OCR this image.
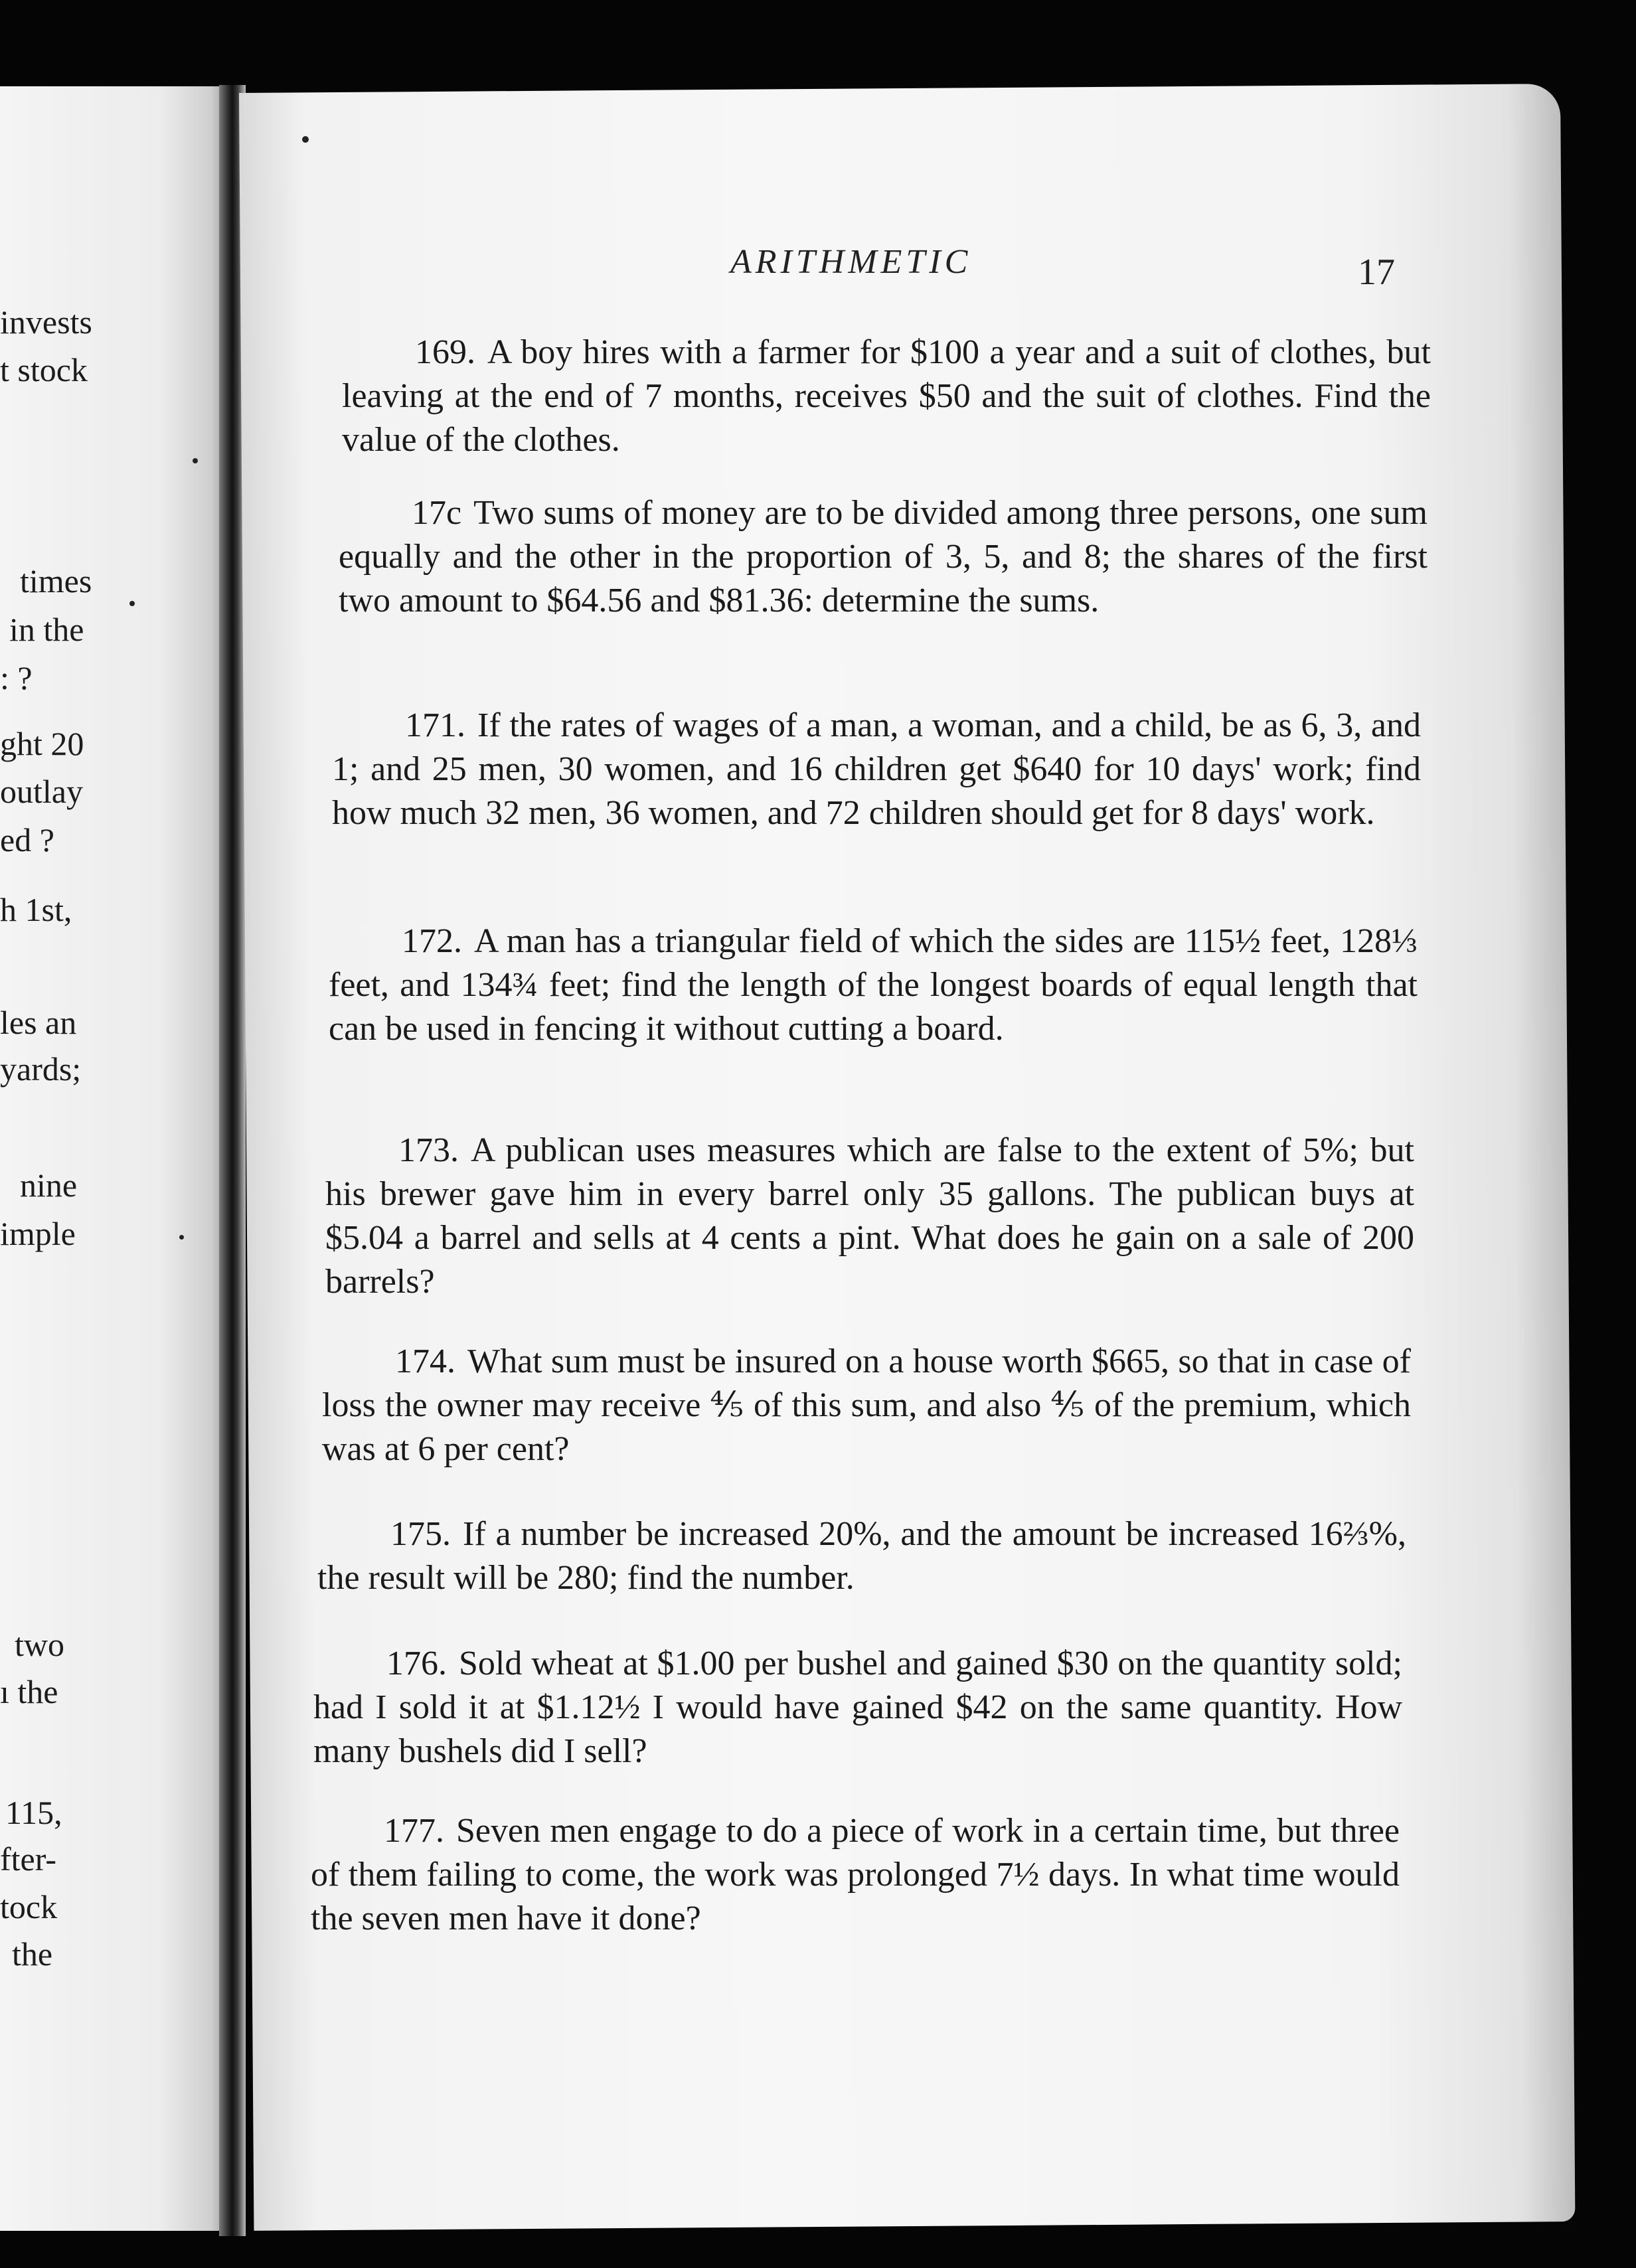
invests
t stock
times
in the
: ?
ght 20
outlay
ed ?
h 1st,
les an
yards;
nine
imple
two
ı the
115,
fter-
tock
the
ARITHMETIC	17

169. A boy hires with a farmer for $100 a year and a suit of clothes, but leaving at the end of 7 months, receives $50 and the suit of clothes. Find the value of the clothes.

17c Two sums of money are to be divided among three persons, one sum equally and the other in the proportion of 3, 5, and 8; the shares of the first two amount to $64.56 and $81.36: determine the sums.

171. If the rates of wages of a man, a woman, and a child, be as 6, 3, and 1; and 25 men, 30 women, and 16 children get $640 for 10 days' work; find how much 32 men, 36 women, and 72 children should get for 8 days' work.

172. A man has a triangular field of which the sides are 115½ feet, 128⅓ feet, and 134¾ feet; find the length of the longest boards of equal length that can be used in fencing it without cutting a board.

173. A publican uses measures which are false to the extent of 5%; but his brewer gave him in every barrel only 35 gallons. The publican buys at $5.04 a barrel and sells at 4 cents a pint. What does he gain on a sale of 200 barrels?

174. What sum must be insured on a house worth $665, so that in case of loss the owner may receive ⅘ of this sum, and also ⅘ of the premium, which was at 6 per cent?

175. If a number be increased 20%, and the amount be increased 16⅔%, the result will be 280; find the number.

176. Sold wheat at $1.00 per bushel and gained $30 on the quantity sold; had I sold it at $1.12½ I would have gained $42 on the same quantity. How many bushels did I sell?

177. Seven men engage to do a piece of work in a certain time, but three of them failing to come, the work was prolonged 7½ days. In what time would the seven men have it done?
